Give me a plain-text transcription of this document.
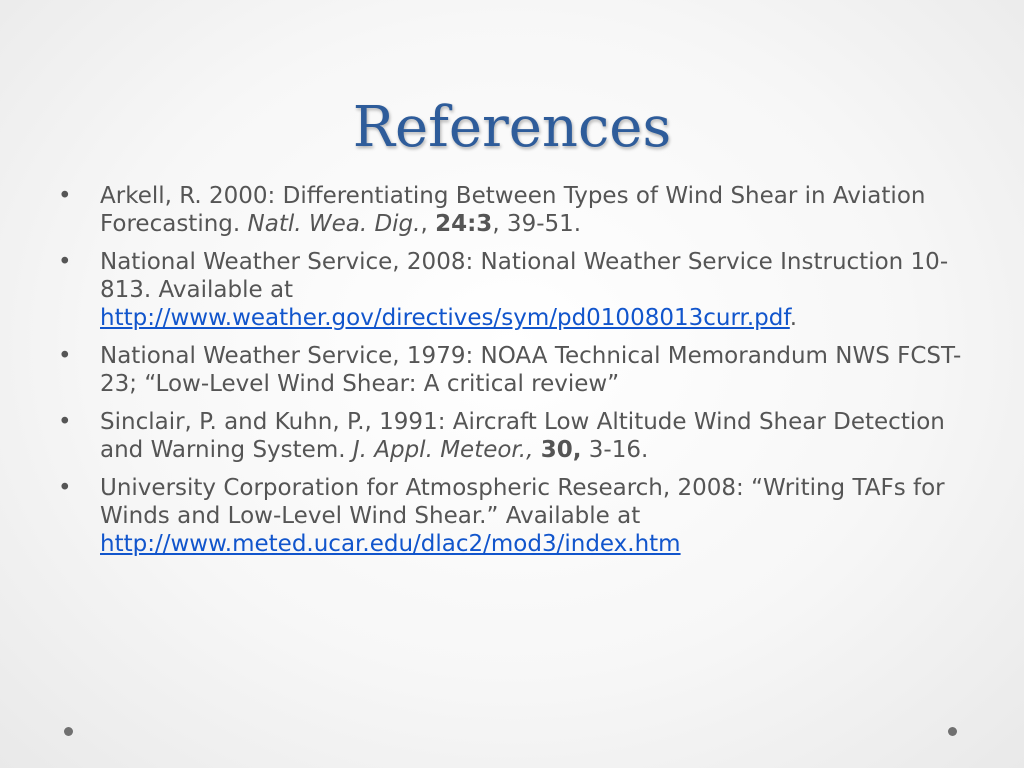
References
• Arkell, R. 2000: Differentiating Between Types of Wind Shear in Aviation Forecasting. Natl. Wea. Dig., 24:3, 39-51.
• National Weather Service, 2008: National Weather Service Instruction 10-813. Available at http://www.weather.gov/directives/sym/pd01008013curr.pdf.
• National Weather Service, 1979: NOAA Technical Memorandum NWS FCST-23; “Low-Level Wind Shear: A critical review”
• Sinclair, P. and Kuhn, P., 1991: Aircraft Low Altitude Wind Shear Detection and Warning System. J. Appl. Meteor., 30, 3-16.
• University Corporation for Atmospheric Research, 2008: “Writing TAFs for Winds and Low-Level Wind Shear.” Available at http://www.meted.ucar.edu/dlac2/mod3/index.htm
